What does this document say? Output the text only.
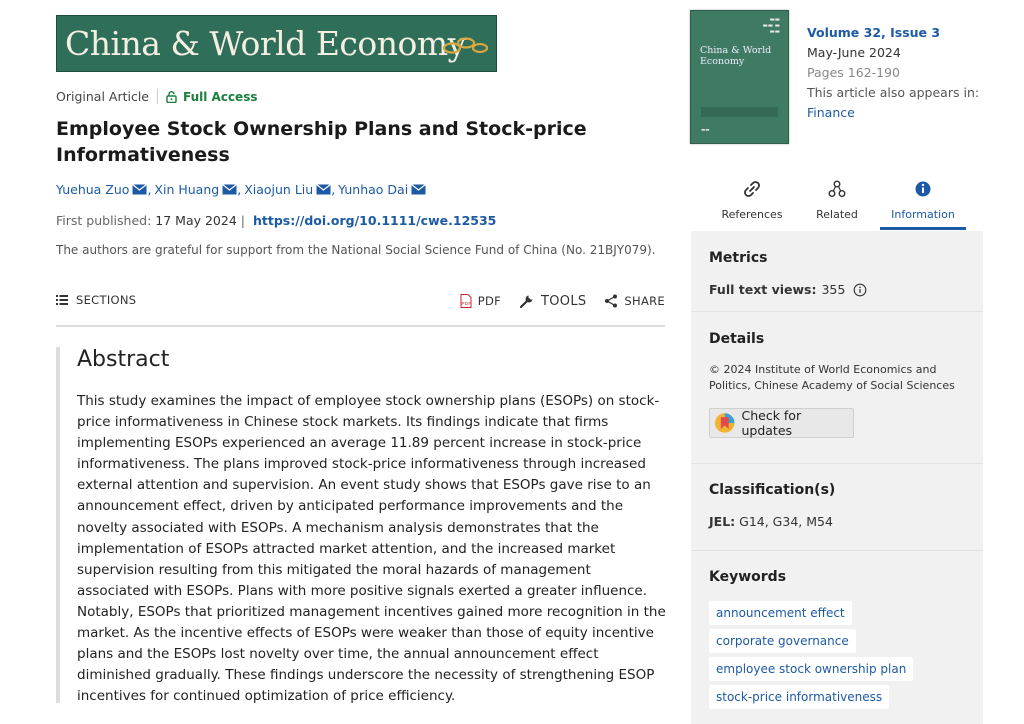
China & World Economy
Original Article	Full Access
Employee Stock Ownership Plans and Stock-price Informativeness
Yuehua Zuo , Xin Huang , Xiaojun Liu , Yunhao Dai
First published: 17 May 2024 | https://doi.org/10.1111/cwe.12535
The authors are grateful for support from the National Social Science Fund of China (No. 21BJY079).
SECTIONS	PDF PDF	TOOLS	SHARE
Abstract

This study examines the impact of employee stock ownership plans (ESOPs) on stock-price informativeness in Chinese stock markets. Its findings indicate that firms implementing ESOPs experienced an average 11.89 percent increase in stock-price informativeness. The plans improved stock-price informativeness through increased external attention and supervision. An event study shows that ESOPs gave rise to an announcement effect, driven by anticipated performance improvements and the novelty associated with ESOPs. A mechanism analysis demonstrates that the implementation of ESOPs attracted market attention, and the increased market supervision resulting from this mitigated the moral hazards of management associated with ESOPs. Plans with more positive signals exerted a greater influence. Notably, ESOPs that prioritized management incentives gained more recognition in the market. As the incentive effects of ESOPs were weaker than those of equity incentive plans and the ESOPs lost novelty over time, the annual announcement effect diminished gradually. These findings underscore the necessity of strengthening ESOP incentives for continued optimization of price efficiency.

▬▬
▬▬ ▬
▬▬
China & World
Economy
▬▬
Volume 32, Issue 3
May-June 2024
Pages 162-190
This article also appears in:
Finance
References	Related	Information
Metrics
Full text views: 355
Details
© 2024 Institute of World Economics and Politics, Chinese Academy of Social Sciences
Check for updates
Classification(s)
JEL: G14, G34, M54
Keywords
announcement effect
corporate governance
employee stock ownership plan
stock-price informativeness
